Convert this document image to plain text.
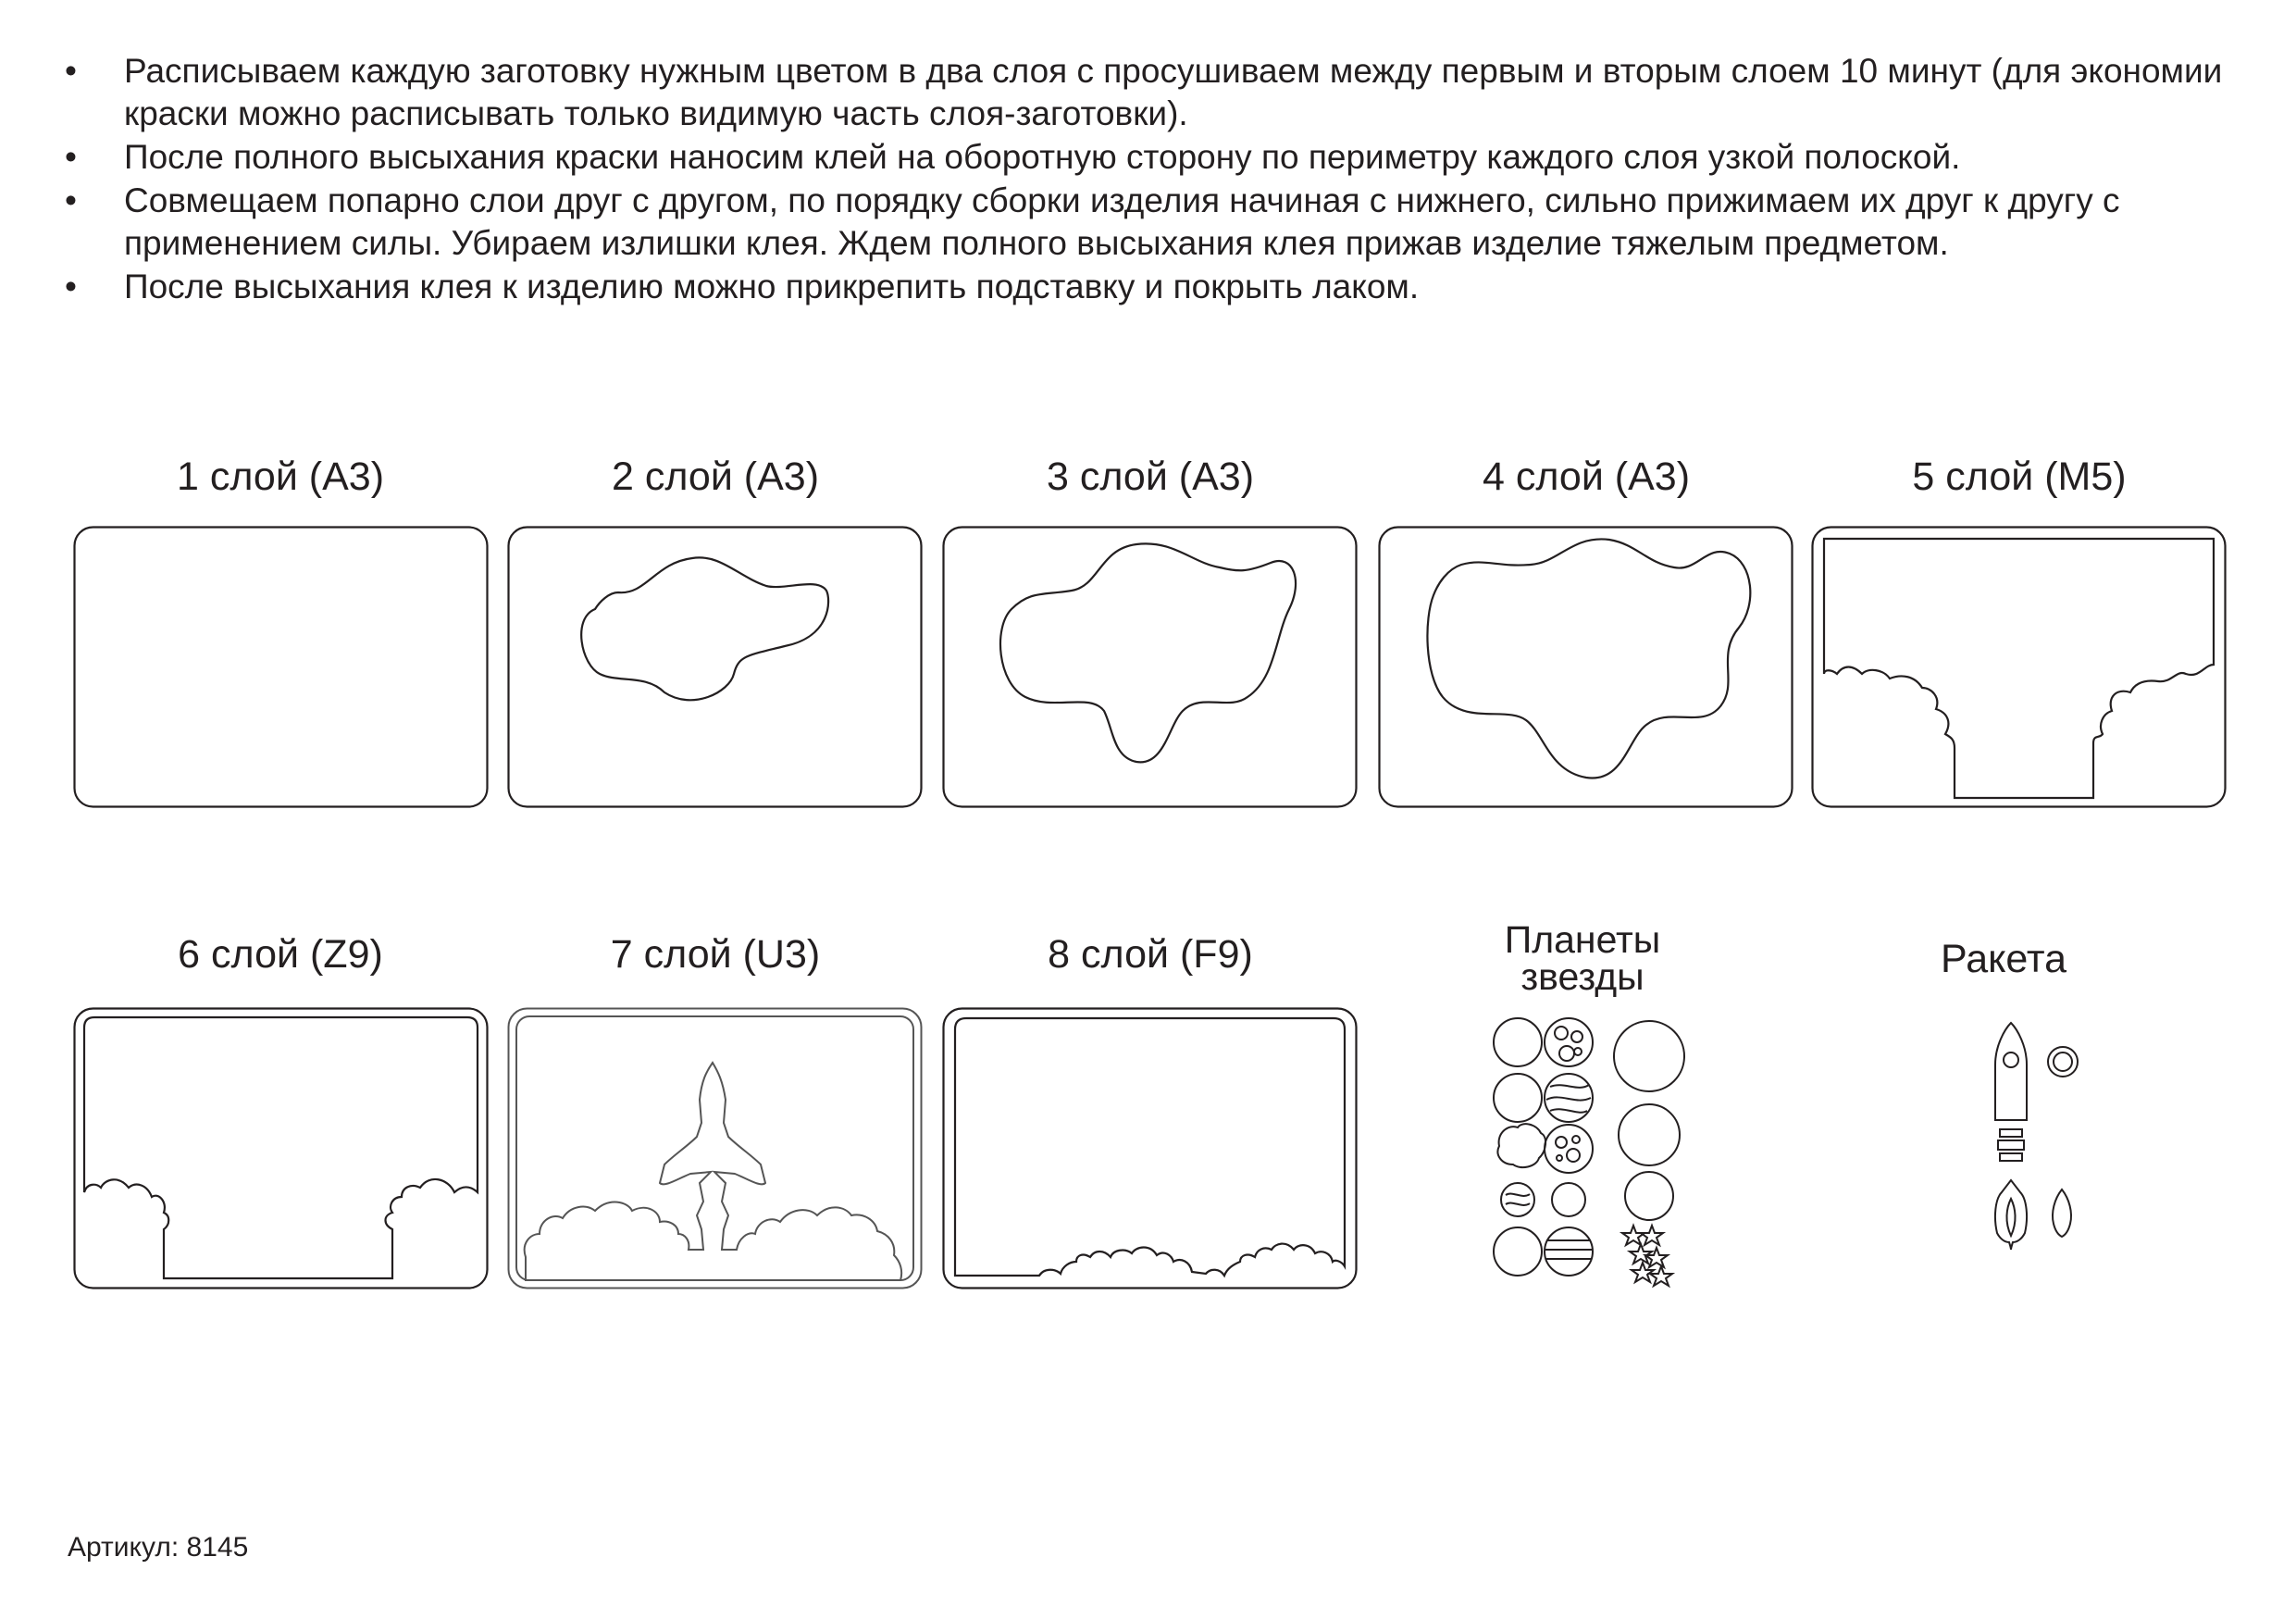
• Расписываем каждую заготовку нужным цветом в два слоя с просушиваем между первым и вторым слоем 10 минут (для экономии краски можно расписывать только видимую часть слоя-заготовки).
• После полного высыхания краски наносим клей на оборотную сторону по периметру каждого слоя узкой полоской.
• Совмещаем попарно слои друг с другом, по порядку сборки изделия начиная с нижнего, сильно прижимаем их друг к другу с применением силы. Убираем излишки клея. Ждем полного высыхания клея прижав изделие тяжелым предметом.
• После высыхания клея к изделию можно прикрепить подставку и покрыть лаком.
1 слой (А3)	2 слой (А3)	3 слой (А3)	4 слой (А3)	5 слой (M5)
6 слой (Z9)	7 слой (U3)	8 слой (F9)	Планеты
звезды	Ракета
Артикул: 8145
